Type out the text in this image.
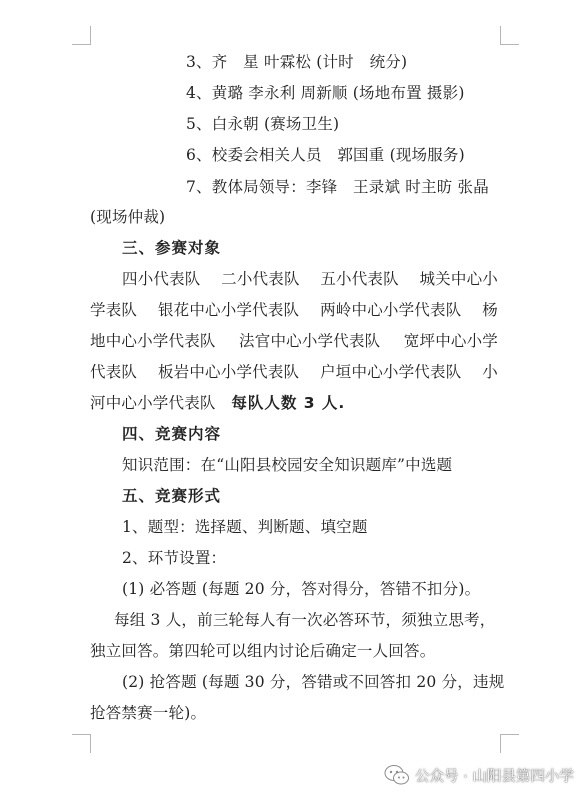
3、齐　星 叶霖松 (计时　统分)
4、黄璐 李永利 周新顺 (场地布置 摄影)
5、白永朝 (赛场卫生)
6、校委会相关人员　郭国重 (现场服务)
7、教体局领导：李锋　王录斌 时主昉 张晶
(现场仲裁)
三、参赛对象
四小代表队 二小代表队 五小代表队 城关中心小
学表队 银花中心小学代表队 两岭中心小学代表队 杨
地中心小学代表队 法官中心小学代表队 宽坪中心小学
代表队 板岩中心小学代表队 户垣中心小学代表队 小
河中心小学代表队　每队人数 3 人.
四、竞赛内容
知识范围：在“山阳县校园安全知识题库”中选题
五、竞赛形式
1、题型：选择题、判断题、填空题
2、环节设置：
(1) 必答题 (每题 20 分，答对得分，答错不扣分)。
每组 3 人，前三轮每人有一次必答环节，须独立思考，
独立回答。第四轮可以组内讨论后确定一人回答。
(2) 抢答题 (每题 30 分，答错或不回答扣 20 分，违规
抢答禁赛一轮)。
公众号 · 山阳县第四小学
